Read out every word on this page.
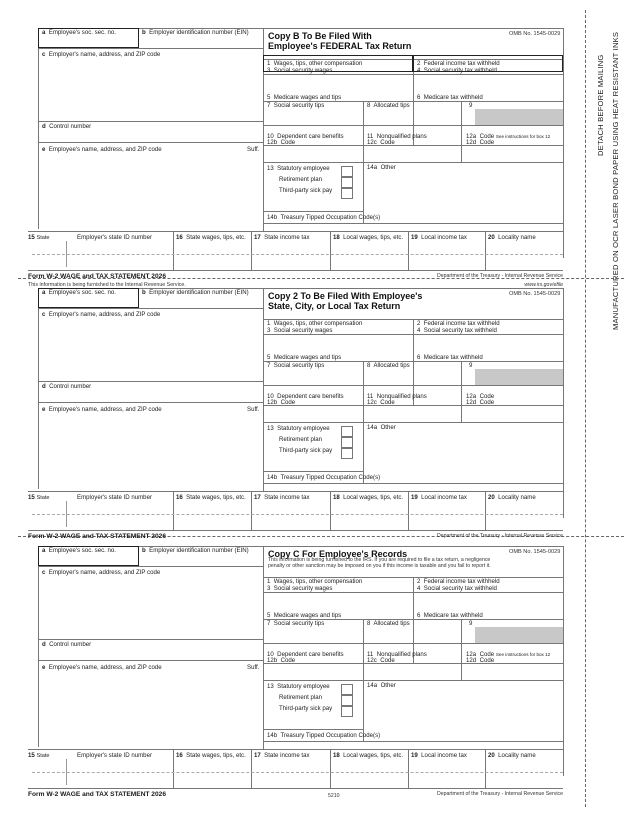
DETACH BEFORE MAILING MANUFACTURED ON OCR LASER BOND PAPER USING HEAT RESISTANT INKS
a Employee's soc. sec. no.	b Employer identification number (EIN) Copy B To Be Filed With
Employee's FEDERAL Tax Return
OMB No. 1545-0029
c Employer's name, address, and ZIP code
1 Wages, tips, other compensation	2 Federal income tax withheld
3 Social security wages	4 Social security tax withheld
5 Medicare wages and tips	6 Medicare tax withheld
7 Social security tips	8 Allocated tips	9
d Control number
e Employee's name, address, and ZIP code	Suff.
10 Dependent care benefits	11 Nonqualified plans	12a Code See instructions for box 12
12b Code	12c Code	12d Code
13 Statutory employee
Retirement plan
Third-party sick pay
14a Other
14b Treasury Tipped Occupation Code(s)
15 State	Employer's state ID number	16 State wages, tips, etc. 17 State income tax	18 Local wages, tips, etc. 19 Local income tax	20 Locality name
Form W-2 WAGE and TAX STATEMENT 2026
This information is being furnished to the Internal Revenue Service.
Department of the Treasury - Internal Revenue Service
www.irs.gov/efile
a Employee's soc. sec. no.	b Employer identification number (EIN) Copy 2 To Be Filed With Employee's
State, City, or Local Tax Return
OMB No. 1545-0029
c Employer's name, address, and ZIP code
1 Wages, tips, other compensation	2 Federal income tax withheld
3 Social security wages	4 Social security tax withheld
5 Medicare wages and tips	6 Medicare tax withheld
7 Social security tips	8 Allocated tips	9
d Control number
e Employee's name, address, and ZIP code	Suff.
10 Dependent care benefits	11 Nonqualified plans	12a Code
12b Code	12c Code	12d Code
13 Statutory employee
Retirement plan
Third-party sick pay
14a Other
14b Treasury Tipped Occupation Code(s)
15 State	Employer's state ID number	16 State wages, tips, etc. 17 State income tax	18 Local wages, tips, etc. 19 Local income tax	20 Locality name
Form W-2 WAGE and TAX STATEMENT 2026	Department of the Treasury - Internal Revenue Service
a Employee's soc. sec. no.	b Employer identification number (EIN) Copy C For Employee's Records
This information is being furnished to the IRS. If you are required to file a tax return, a negligence
penalty or other sanction may be imposed on you if this income is taxable and you fail to report it.
OMB No. 1545-0029
c Employer's name, address, and ZIP code
1 Wages, tips, other compensation	2 Federal income tax withheld
3 Social security wages	4 Social security tax withheld
5 Medicare wages and tips	6 Medicare tax withheld
7 Social security tips	8 Allocated tips	9
d Control number
e Employee's name, address, and ZIP code	Suff.
10 Dependent care benefits	11 Nonqualified plans	12a Code See instructions for box 12
12b Code	12c Code	12d Code
13 Statutory employee
Retirement plan
Third-party sick pay
14a Other
14b Treasury Tipped Occupation Code(s)
15 State	Employer's state ID number	16 State wages, tips, etc. 17 State income tax	18 Local wages, tips, etc. 19 Local income tax	20 Locality name
Form W-2 WAGE and TAX STATEMENT 2026	5210	Department of the Treasury - Internal Revenue Service
